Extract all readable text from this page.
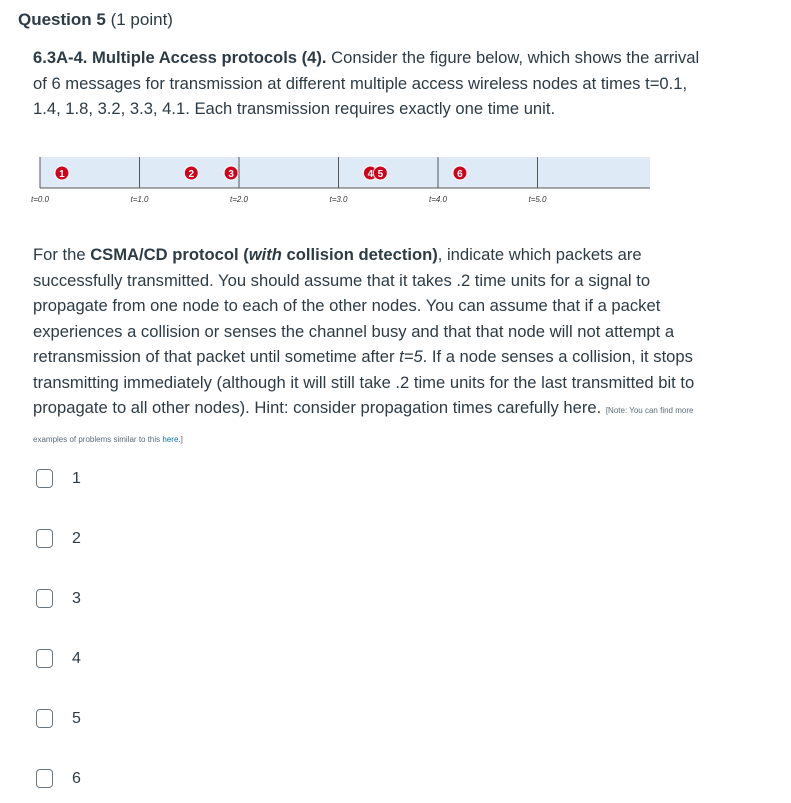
Question 5 (1 point)
6.3A-4. Multiple Access protocols (4). Consider the figure below, which shows the arrival of 6 messages for transmission at different multiple access wireless nodes at times t=0.1, 1.4, 1.8, 3.2, 3.3, 4.1. Each transmission requires exactly one time unit.
t=0.0	t=1.0	t=2.0	t=3.0	t=4.0	t=5.0
1	2	3	4 5	6
For the CSMA/CD protocol (with collision detection), indicate which packets are successfully transmitted. You should assume that it takes .2 time units for a signal to propagate from one node to each of the other nodes. You can assume that if a packet experiences a collision or senses the channel busy and that that node will not attempt a retransmission of that packet until sometime after t=5. If a node senses a collision, it stops transmitting immediately (although it will still take .2 time units for the last transmitted bit to propagate to all other nodes). Hint: consider propagation times carefully here. [Note: You can find more examples of problems similar to this here.]
1
2
3
4
5
6
